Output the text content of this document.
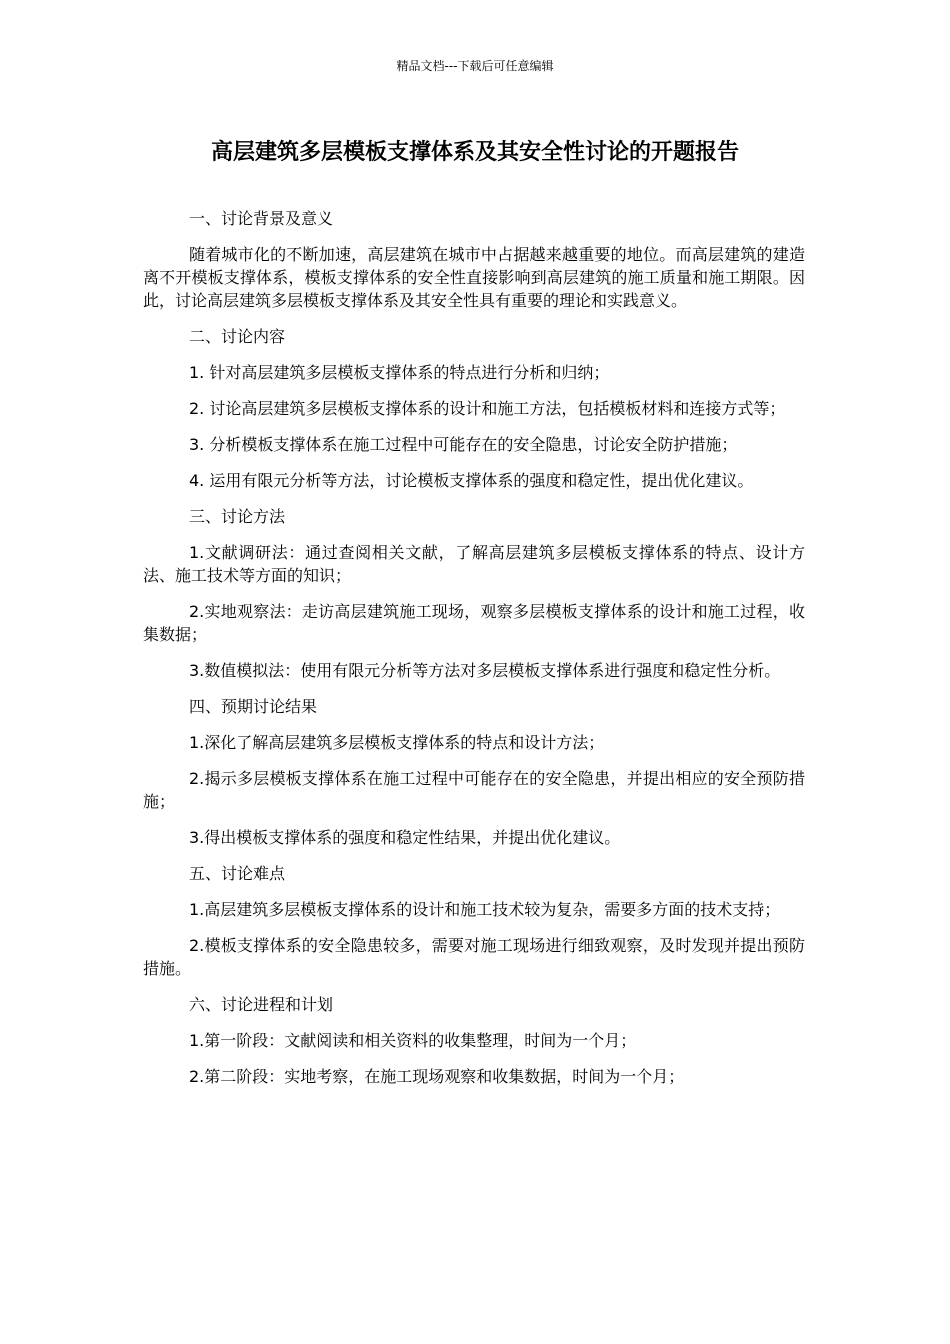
精品文档---下载后可任意编辑
高层建筑多层模板支撑体系及其安全性讨论的开题报告

一、讨论背景及意义

随着城市化的不断加速，高层建筑在城市中占据越来越重要的地位。而高层建筑的建造离不开模板支撑体系，模板支撑体系的安全性直接影响到高层建筑的施工质量和施工期限。因此，讨论高层建筑多层模板支撑体系及其安全性具有重要的理论和实践意义。

二、讨论内容

1. 针对高层建筑多层模板支撑体系的特点进行分析和归纳；

2. 讨论高层建筑多层模板支撑体系的设计和施工方法，包括模板材料和连接方式等；

3. 分析模板支撑体系在施工过程中可能存在的安全隐患，讨论安全防护措施；

4. 运用有限元分析等方法，讨论模板支撑体系的强度和稳定性，提出优化建议。

三、讨论方法

1.文献调研法：通过查阅相关文献，了解高层建筑多层模板支撑体系的特点、设计方法、施工技术等方面的知识；

2.实地观察法：走访高层建筑施工现场，观察多层模板支撑体系的设计和施工过程，收集数据；

3.数值模拟法：使用有限元分析等方法对多层模板支撑体系进行强度和稳定性分析。

四、预期讨论结果

1.深化了解高层建筑多层模板支撑体系的特点和设计方法；

2.揭示多层模板支撑体系在施工过程中可能存在的安全隐患，并提出相应的安全预防措施；

3.得出模板支撑体系的强度和稳定性结果，并提出优化建议。

五、讨论难点

1.高层建筑多层模板支撑体系的设计和施工技术较为复杂，需要多方面的技术支持；

2.模板支撑体系的安全隐患较多，需要对施工现场进行细致观察，及时发现并提出预防措施。

六、讨论进程和计划

1.第一阶段：文献阅读和相关资料的收集整理，时间为一个月；

2.第二阶段：实地考察，在施工现场观察和收集数据，时间为一个月；
